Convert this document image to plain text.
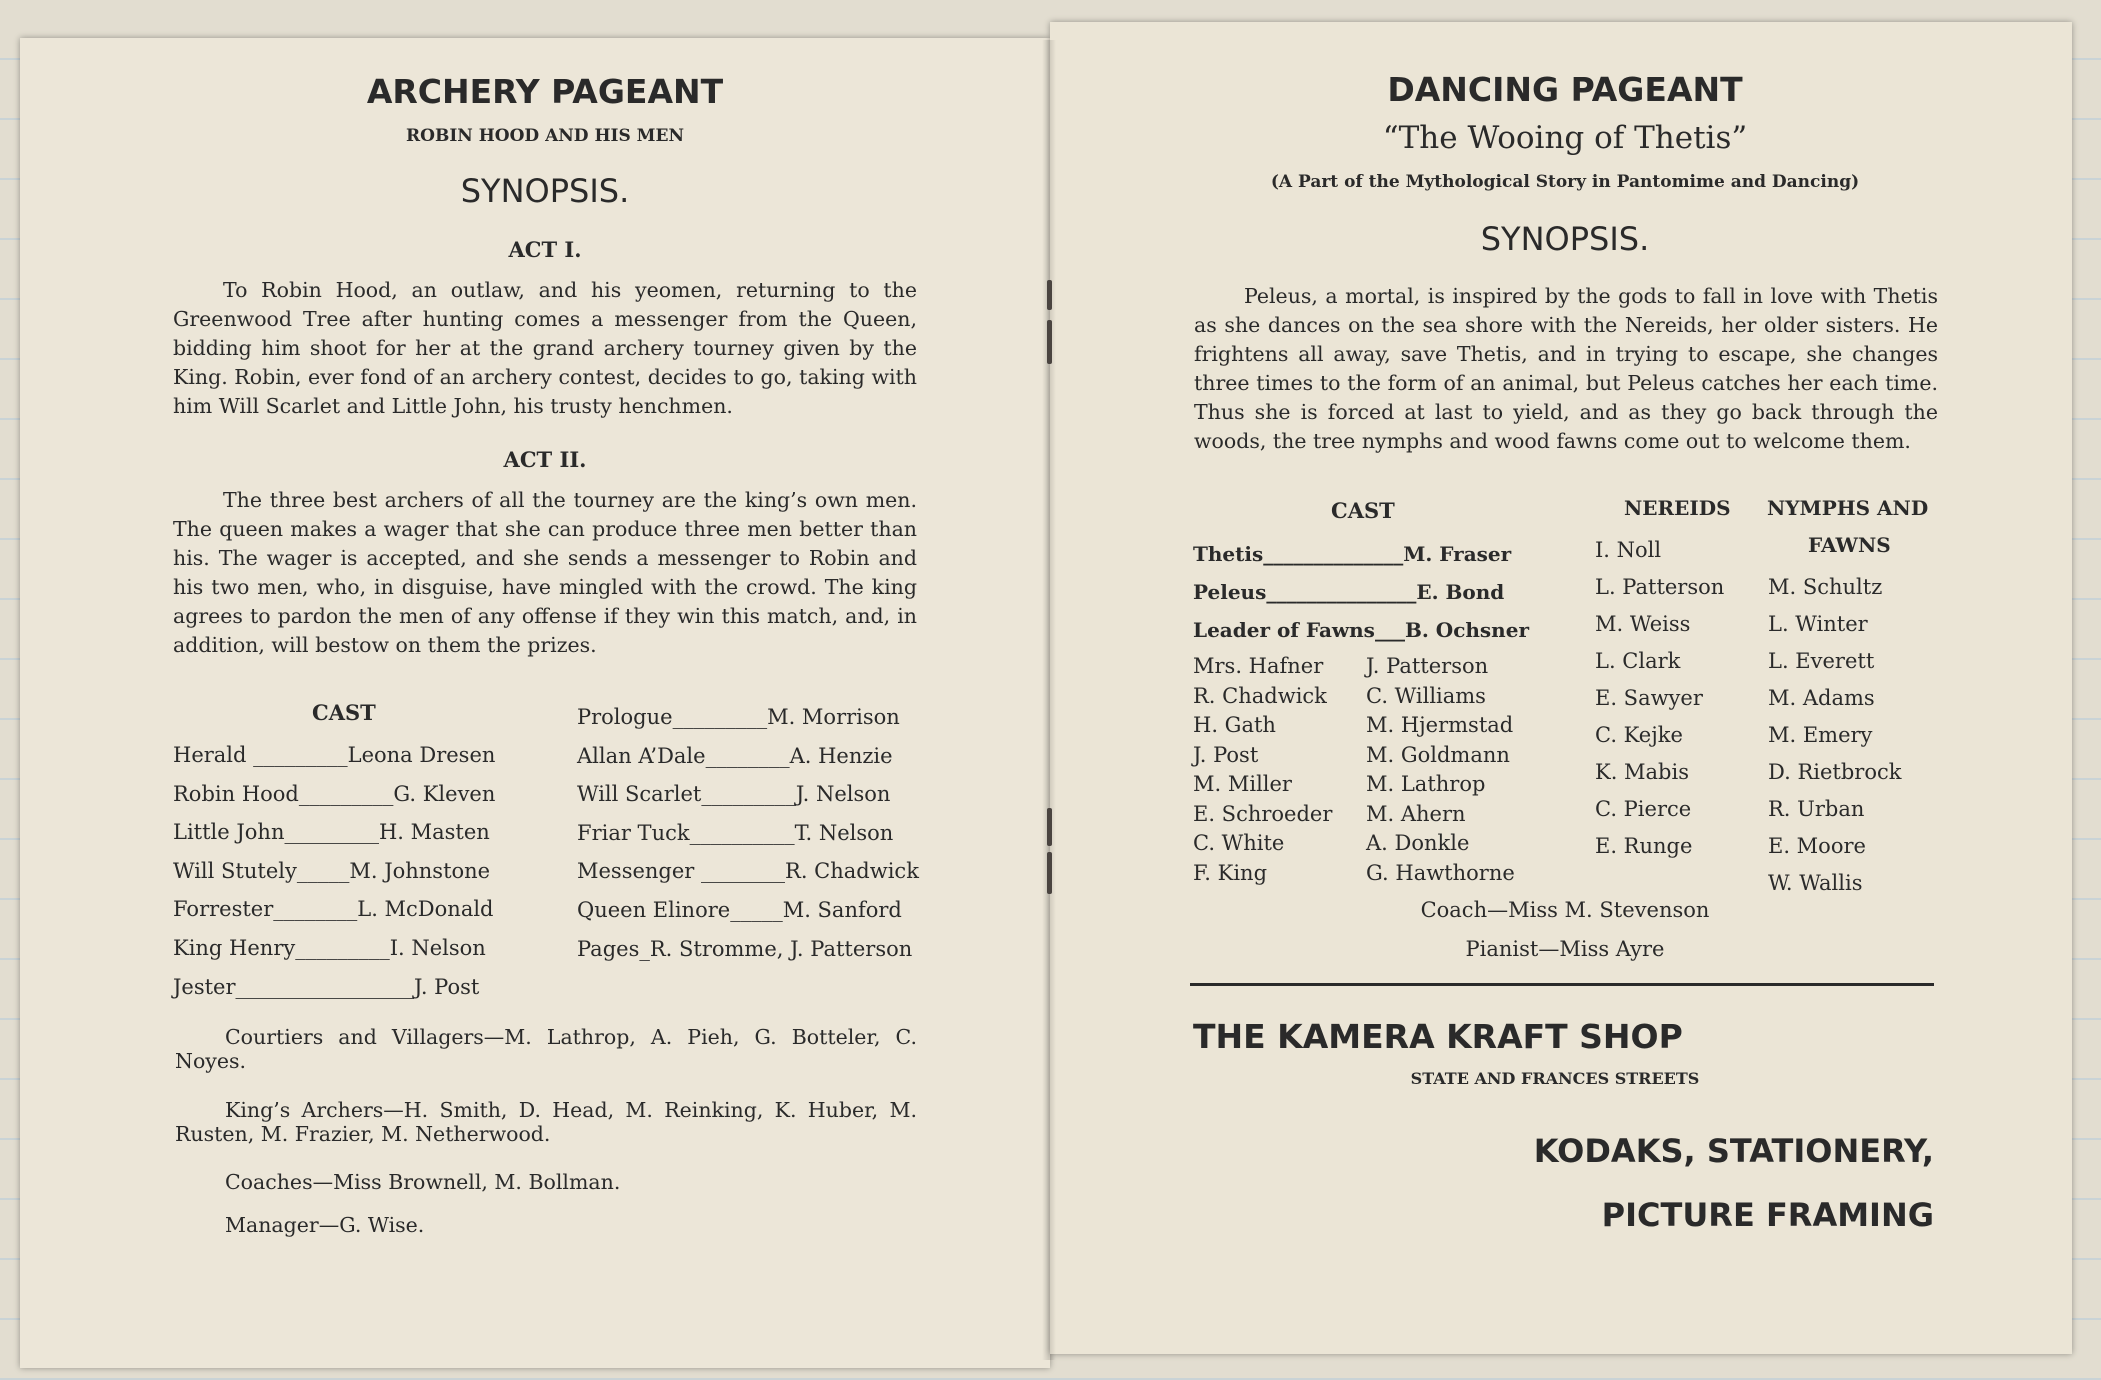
ARCHERY PAGEANT
ROBIN HOOD AND HIS MEN
SYNOPSIS.
ACT I.

To Robin Hood, an outlaw, and his yeomen, returning to the Greenwood Tree after hunting comes a messenger from the Queen, bidding him shoot for her at the grand archery tourney given by the King. Robin, ever fond of an archery contest, decides to go, taking with him Will Scarlet and Little John, his trusty henchmen.

ACT II.

The three best archers of all the tourney are the king’s own men. The queen makes a wager that she can produce three men better than his. The wager is accepted, and she sends a messenger to Robin and his two men, who, in disguise, have mingled with the crowd. The king agrees to pardon the men of any offense if they win this match, and, in addition, will bestow on them the prizes.

CAST
Herald _________Leona Dresen
Robin Hood_________G. Kleven
Little John_________H. Masten
Will Stutely_____M. Johnstone
Forrester________L. McDonald
King Henry_________I. Nelson
Jester_________________J. Post
Prologue_________M. Morrison
Allan A’Dale________A. Henzie
Will Scarlet_________J. Nelson
Friar Tuck__________T. Nelson
Messenger ________R. Chadwick
Queen Elinore_____M. Sanford
Pages_R. Stromme, J. Patterson

Courtiers and Villagers—M. Lathrop, A. Pieh, G. Botteler, C. Noyes.

King’s Archers—H. Smith, D. Head, M. Reinking, K. Huber, M. Rusten, M. Frazier, M. Netherwood.

Coaches—Miss Brownell, M. Bollman.

Manager—G. Wise.

DANCING PAGEANT
“The Wooing of Thetis”
(A Part of the Mythological Story in Pantomime and Dancing)
SYNOPSIS.

Peleus, a mortal, is inspired by the gods to fall in love with Thetis as she dances on the sea shore with the Nereids, her older sisters. He frightens all away, save Thetis, and in trying to escape, she changes three times to the form of an animal, but Peleus catches her each time. Thus she is forced at last to yield, and as they go back through the woods, the tree nymphs and wood fawns come out to welcome them.

CAST
Thetis______________M. Fraser
Peleus_______________E. Bond
Leader of Fawns___B. Ochsner
Mrs. Hafner
R. Chadwick
H. Gath
J. Post
M. Miller
E. Schroeder
C. White
F. King
J. Patterson
C. Williams
M. Hjermstad
M. Goldmann
M. Lathrop
M. Ahern
A. Donkle
G. Hawthorne
NEREIDS
I. Noll
L. Patterson
M. Weiss
L. Clark
E. Sawyer
C. Kejke
K. Mabis
C. Pierce
E. Runge
NYMPHS AND
FAWNS
M. Schultz
L. Winter
L. Everett
M. Adams
M. Emery
D. Rietbrock
R. Urban
E. Moore
W. Wallis
Coach—Miss M. Stevenson
Pianist—Miss Ayre
THE KAMERA KRAFT SHOP
STATE AND FRANCES STREETS
KODAKS, STATIONERY,
PICTURE FRAMING
